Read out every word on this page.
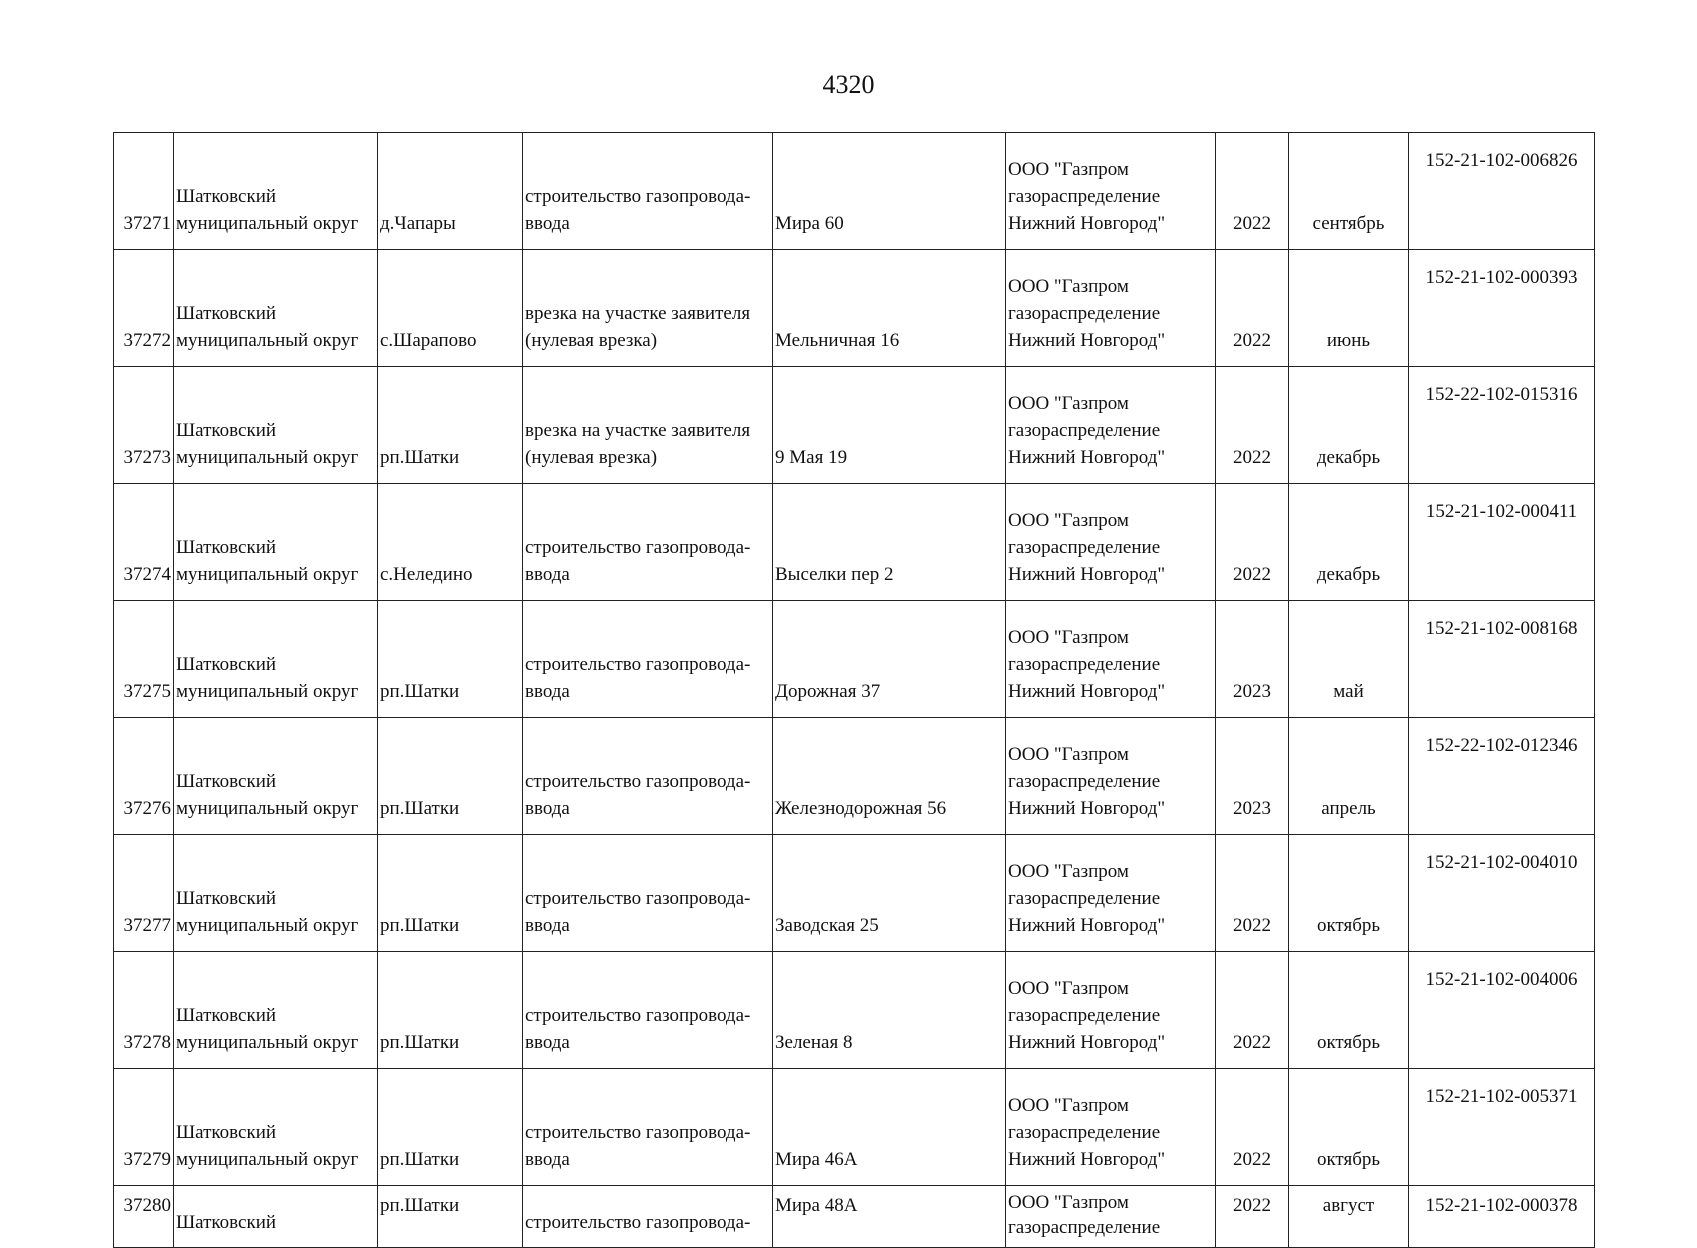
4320
37271	Шатковский
муниципальный округ	д.Чапары	строительство газопровода-
ввода	Мира 60	ООО "Газпром
газораспределение
Нижний Новгород"	2022	сентябрь	152-21-102-006826
37272	Шатковский
муниципальный округ	с.Шарапово	врезка на участке заявителя
(нулевая врезка)	Мельничная 16	ООО "Газпром
газораспределение
Нижний Новгород"	2022	июнь	152-21-102-000393
37273	Шатковский
муниципальный округ	рп.Шатки	врезка на участке заявителя
(нулевая врезка)	9 Мая 19	ООО "Газпром
газораспределение
Нижний Новгород"	2022	декабрь	152-22-102-015316
37274	Шатковский
муниципальный округ	с.Неледино	строительство газопровода-
ввода	Выселки пер 2	ООО "Газпром
газораспределение
Нижний Новгород"	2022	декабрь	152-21-102-000411
37275	Шатковский
муниципальный округ	рп.Шатки	строительство газопровода-
ввода	Дорожная 37	ООО "Газпром
газораспределение
Нижний Новгород"	2023	май	152-21-102-008168
37276	Шатковский
муниципальный округ	рп.Шатки	строительство газопровода-
ввода	Железнодорожная 56	ООО "Газпром
газораспределение
Нижний Новгород"	2023	апрель	152-22-102-012346
37277	Шатковский
муниципальный округ	рп.Шатки	строительство газопровода-
ввода	Заводская 25	ООО "Газпром
газораспределение
Нижний Новгород"	2022	октябрь	152-21-102-004010
37278	Шатковский
муниципальный округ	рп.Шатки	строительство газопровода-
ввода	Зеленая 8	ООО "Газпром
газораспределение
Нижний Новгород"	2022	октябрь	152-21-102-004006
37279	Шатковский
муниципальный округ	рп.Шатки	строительство газопровода-
ввода	Мира 46А	ООО "Газпром
газораспределение
Нижний Новгород"	2022	октябрь	152-21-102-005371
37280	Шатковский	рп.Шатки	строительство газопровода-	Мира 48А	ООО "Газпром
газораспределение	2022	август	152-21-102-000378
